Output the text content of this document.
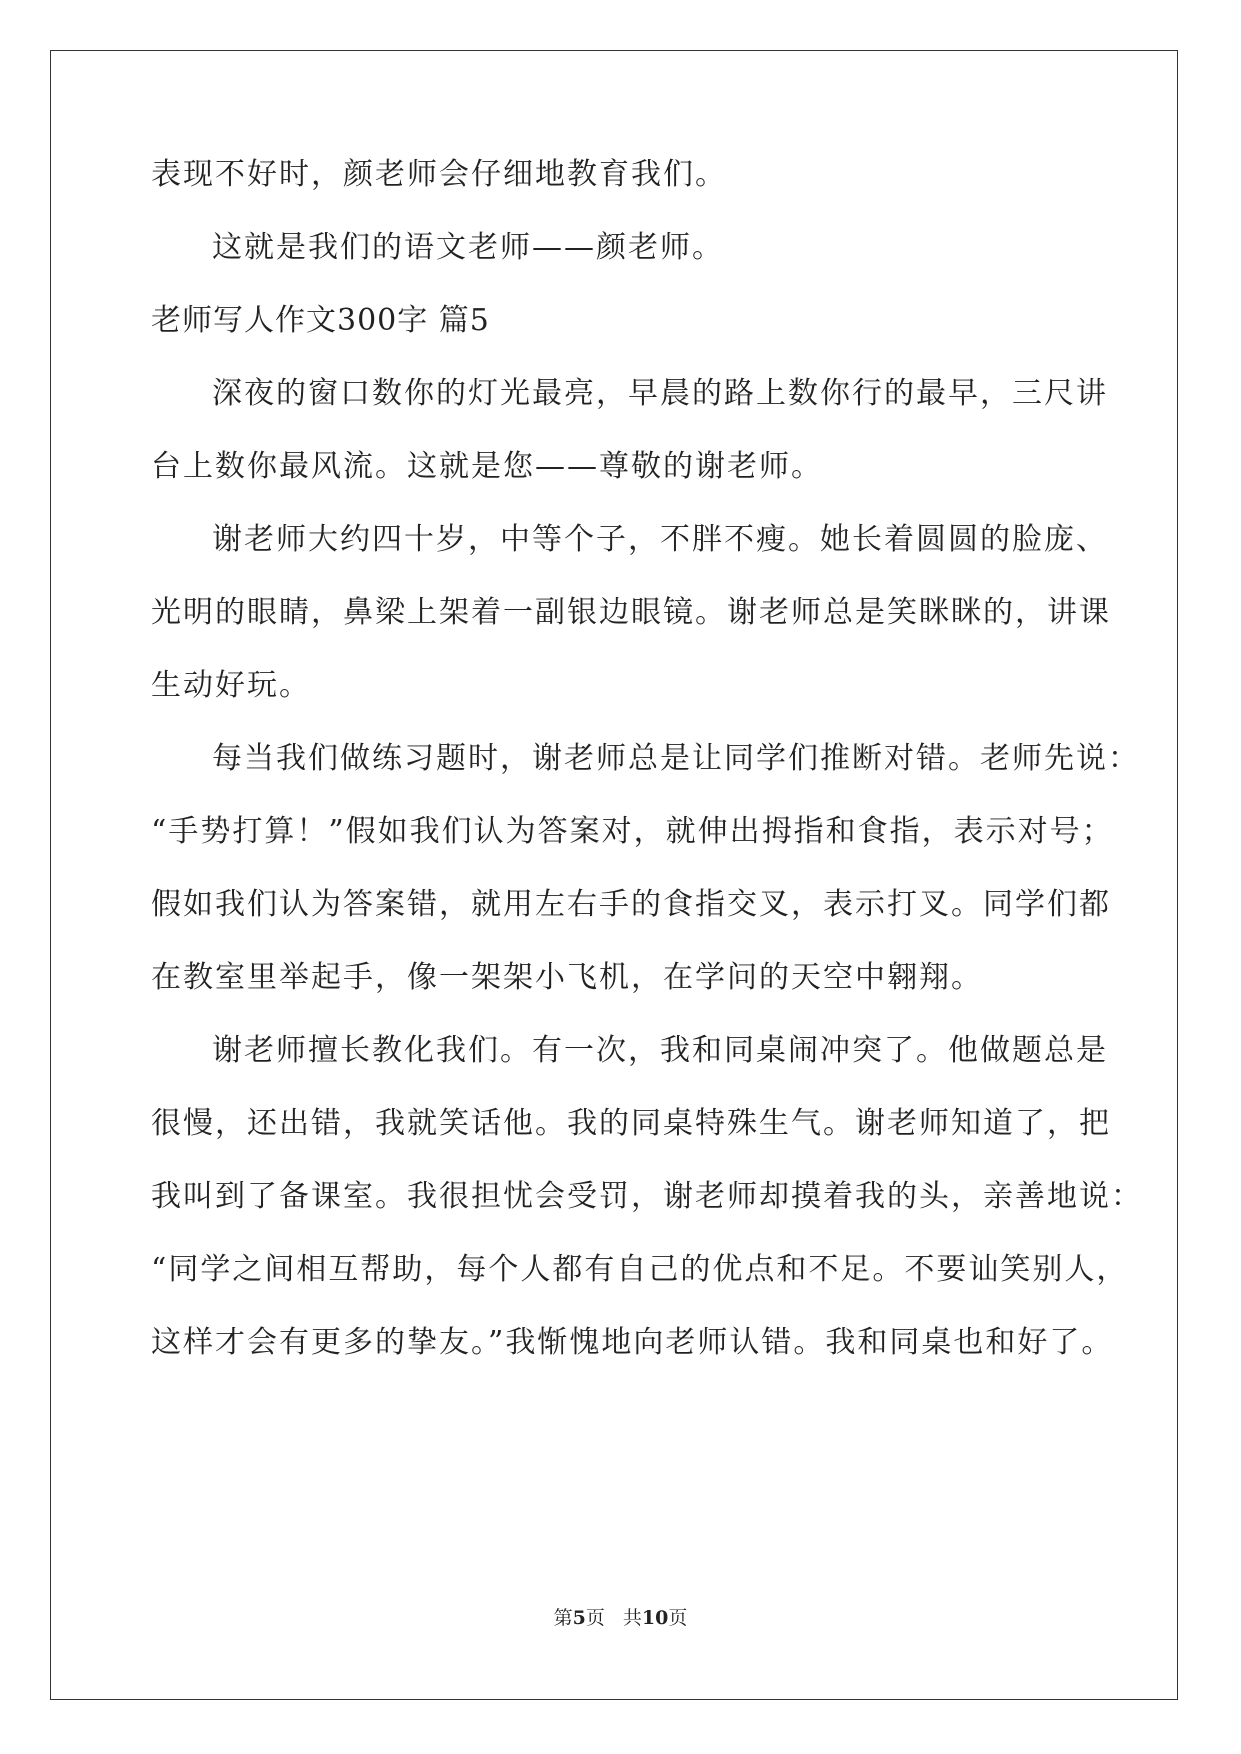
表现不好时，颜老师会仔细地教育我们。
这就是我们的语文老师——颜老师。
老师写人作文300字 篇5
深夜的窗口数你的灯光最亮，早晨的路上数你行的最早，三尺讲
台上数你最风流。这就是您——尊敬的谢老师。
谢老师大约四十岁，中等个子，不胖不瘦。她长着圆圆的脸庞、
光明的眼睛，鼻梁上架着一副银边眼镜。谢老师总是笑眯眯的，讲课
生动好玩。
每当我们做练习题时，谢老师总是让同学们推断对错。老师先说：
“手势打算！”假如我们认为答案对，就伸出拇指和食指，表示对号；
假如我们认为答案错，就用左右手的食指交叉，表示打叉。同学们都
在教室里举起手，像一架架小飞机，在学问的天空中翱翔。
谢老师擅长教化我们。有一次，我和同桌闹冲突了。他做题总是
很慢，还出错，我就笑话他。我的同桌特殊生气。谢老师知道了，把
我叫到了备课室。我很担忧会受罚，谢老师却摸着我的头，亲善地说：
“同学之间相互帮助，每个人都有自己的优点和不足。不要讪笑别人，
这样才会有更多的挚友。”我惭愧地向老师认错。我和同桌也和好了。
第5页 共10页
